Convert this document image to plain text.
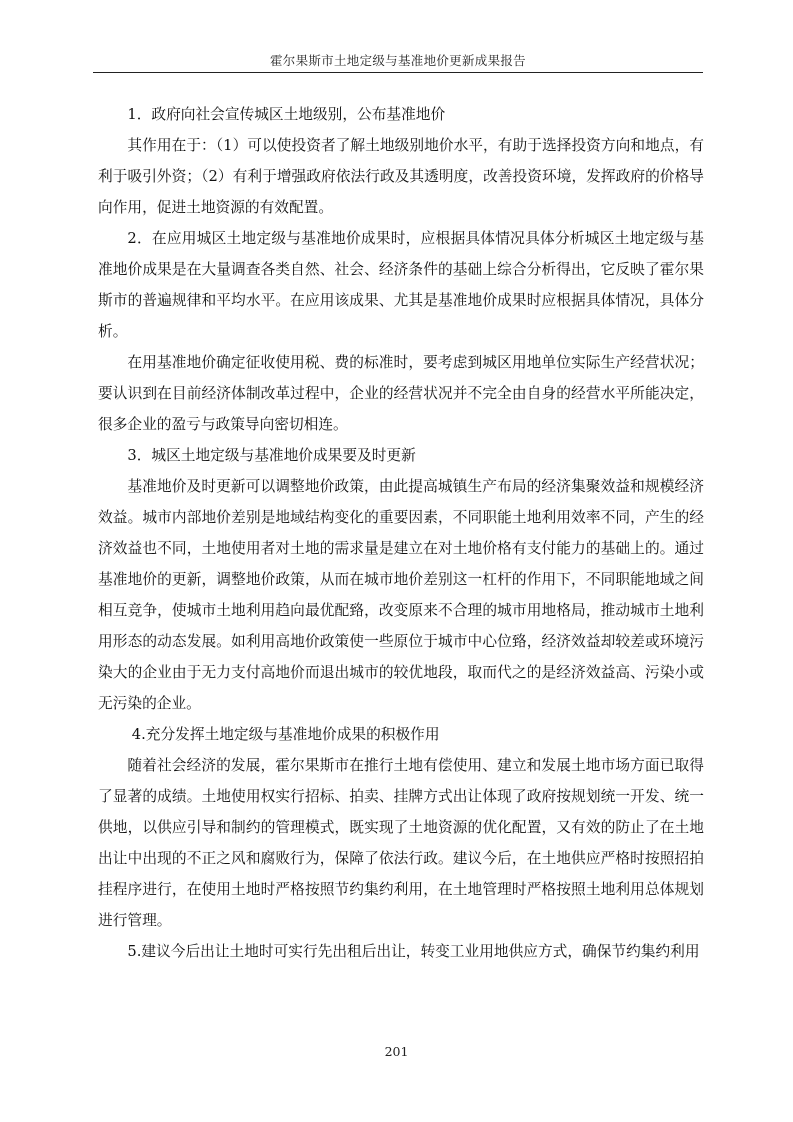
霍尔果斯市土地定级与基准地价更新成果报告

1．政府向社会宣传城区土地级别，公布基准地价

其作用在于：（1）可以使投资者了解土地级别地价水平，有助于选择投资方向和地点，有利于吸引外资；（2）有利于增强政府依法行政及其透明度，改善投资环境，发挥政府的价格导向作用，促进土地资源的有效配置。

2．在应用城区土地定级与基准地价成果时，应根据具体情况具体分析城区土地定级与基准地价成果是在大量调查各类自然、社会、经济条件的基础上综合分析得出，它反映了霍尔果斯市的普遍规律和平均水平。在应用该成果、尤其是基准地价成果时应根据具体情况，具体分析。

在用基准地价确定征收使用税、费的标准时，要考虑到城区用地单位实际生产经营状况；要认识到在目前经济体制改革过程中，企业的经营状况并不完全由自身的经营水平所能决定，很多企业的盈亏与政策导向密切相连。

3．城区土地定级与基准地价成果要及时更新

基准地价及时更新可以调整地价政策，由此提高城镇生产布局的经济集聚效益和规模经济效益。城市内部地价差别是地域结构变化的重要因素，不同职能土地利用效率不同，产生的经济效益也不同，土地使用者对土地的需求量是建立在对土地价格有支付能力的基础上的。通过基准地价的更新，调整地价政策，从而在城市地价差别这一杠杆的作用下，不同职能地域之间相互竞争，使城市土地利用趋向最优配臵，改变原来不合理的城市用地格局，推动城市土地利用形态的动态发展。如利用高地价政策使一些原位于城市中心位臵，经济效益却较差或环境污染大的企业由于无力支付高地价而退出城市的较优地段，取而代之的是经济效益高、污染小或无污染的企业。

4.充分发挥土地定级与基准地价成果的积极作用

随着社会经济的发展，霍尔果斯市在推行土地有偿使用、建立和发展土地市场方面已取得了显著的成绩。土地使用权实行招标、拍卖、挂牌方式出让体现了政府按规划统一开发、统一供地，以供应引导和制约的管理模式，既实现了土地资源的优化配置，又有效的防止了在土地出让中出现的不正之风和腐败行为，保障了依法行政。建议今后，在土地供应严格时按照招拍挂程序进行，在使用土地时严格按照节约集约利用，在土地管理时严格按照土地利用总体规划进行管理。

5.建议今后出让土地时可实行先出租后出让，转变工业用地供应方式，确保节约集约利用

201
